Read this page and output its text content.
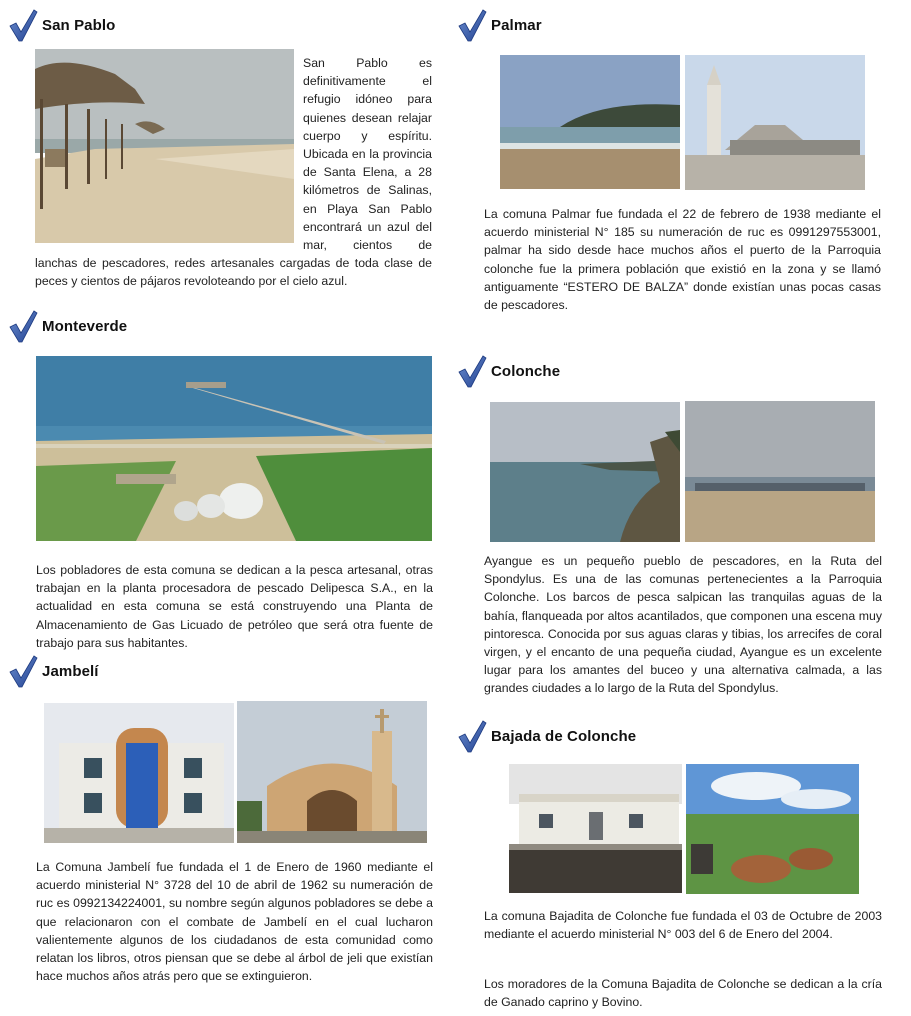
San Pablo

San Pablo es definitivamente el refugio idóneo para quienes desean relajar cuerpo y espíritu. Ubicada en la provincia de Santa Elena, a 28 kilómetros de Salinas, en Playa San Pablo encontrará un azul del mar, cientos de lanchas de pescadores, redes artesanales cargadas de toda clase de peces y cientos de pájaros revoloteando por el cielo azul.

Monteverde

Los pobladores de esta comuna se dedican a la pesca artesanal, otras trabajan en la planta procesadora de pescado Delipesca S.A., en la actualidad en esta comuna se está construyendo una Planta de Almacenamiento de Gas Licuado de petróleo que será otra fuente de trabajo para sus habitantes.

Jambelí

La Comuna Jambelí fue fundada el 1 de Enero de 1960 mediante el acuerdo ministerial N° 3728 del 10 de abril de 1962 su numeración de ruc es 0992134224001, su nombre según algunos pobladores se debe a que relacionaron con el combate de Jambelí en el cual lucharon valientemente algunos de los ciudadanos de esta comunidad como relatan los libros, otros piensan que se debe al árbol de jeli que existían hace muchos años atrás pero que se extinguieron.

Palmar

La comuna Palmar fue fundada el 22 de febrero de 1938 mediante el acuerdo ministerial N° 185 su numeración de ruc es 0991297553001, palmar ha sido desde hace muchos años el puerto de la Parroquia colonche fue la primera población que existió en la zona y se llamó antiguamente “ESTERO DE BALZA” donde existían unas pocas casas de pescadores.

Colonche

Ayangue es un pequeño pueblo de pescadores, en la Ruta del Spondylus. Es una de las comunas pertenecientes a la Parroquia Colonche. Los barcos de pesca salpican las tranquilas aguas de la bahía, flanqueada por altos acantilados, que componen una escena muy pintoresca. Conocida por sus aguas claras y tibias, los arrecifes de coral virgen, y el encanto de una pequeña ciudad, Ayangue es un excelente lugar para los amantes del buceo y una alternativa calmada, a las grandes ciudades a lo largo de la Ruta del Spondylus.

Bajada de Colonche

La comuna Bajadita de Colonche fue fundada el 03 de Octubre de 2003 mediante el acuerdo ministerial N° 003 del 6 de Enero del 2004.

Los moradores de la Comuna Bajadita de Colonche se dedican a la cría de Ganado caprino y Bovino.
